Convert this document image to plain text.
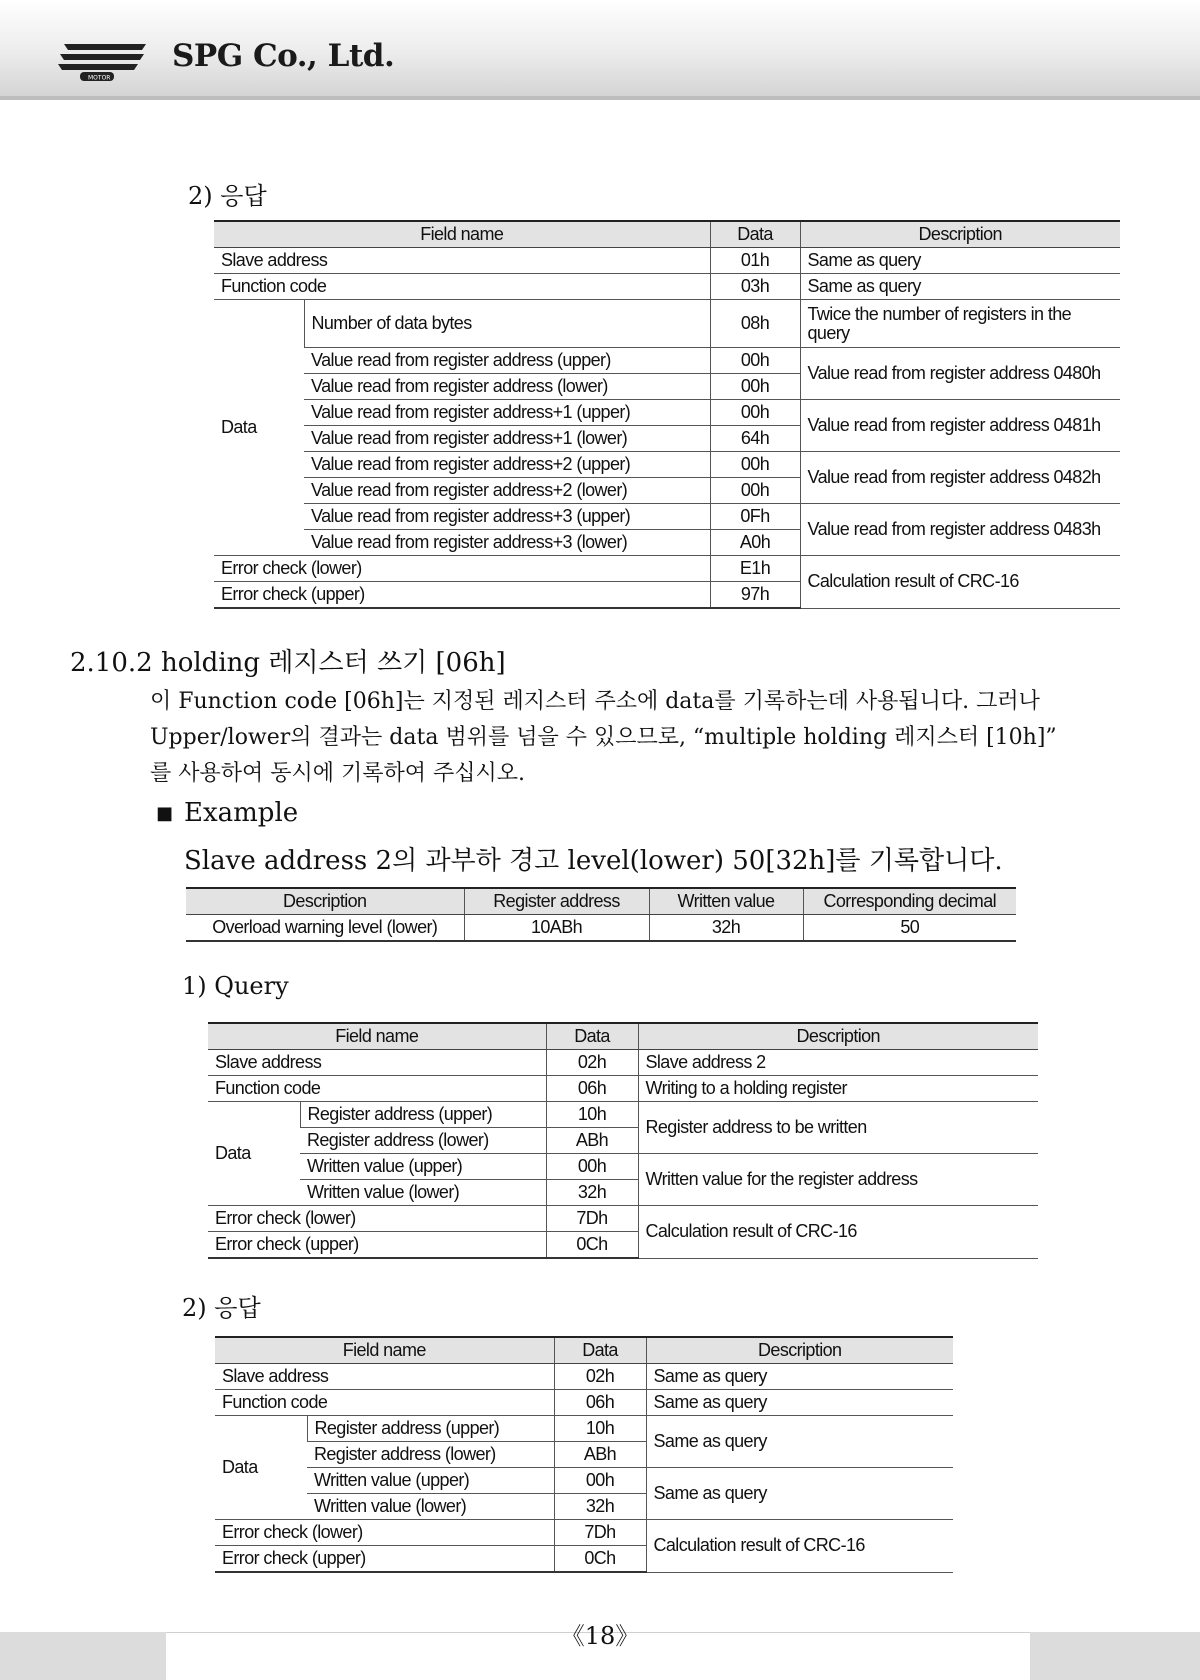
MOTOR
SPG Co., Ltd.
2) 응답
Field name		Data	Description
Slave address		01h	Same as query
Function code		03h	Same as query
Data	Number of data bytes	08h	Twice the number of registers in the query
	Value read from register address (upper)	00h	Value read from register address 0480h
	Value read from register address (lower)	00h	
	Value read from register address+1 (upper)	00h	Value read from register address 0481h
	Value read from register address+1 (lower)	64h	
	Value read from register address+2 (upper)	00h	Value read from register address 0482h
	Value read from register address+2 (lower)	00h	
	Value read from register address+3 (upper)	0Fh	Value read from register address 0483h
	Value read from register address+3 (lower)	A0h	
Error check (lower)		E1h	Calculation result of CRC-16
Error check (upper)		97h	
2.10.2 holding 레지스터 쓰기 [06h]
이 Function code [06h]는 지정된 레지스터 주소에 data를 기록하는데 사용됩니다. 그러나
Upper/lower의 결과는 data 범위를 넘을 수 있으므로, “multiple holding 레지스터 [10h]”
를 사용하여 동시에 기록하여 주십시오.
■ Example
Slave address 2의 과부하 경고 level(lower) 50[32h]를 기록합니다.
Description	Register address	Written value	Corresponding decimal
Overload warning level (lower)	10ABh	32h	50
1) Query
Field name		Data	Description
Slave address		02h	Slave address 2
Function code		06h	Writing to a holding register
Data	Register address (upper)	10h	Register address to be written
	Register address (lower)	ABh	
	Written value (upper)	00h	Written value for the register address
	Written value (lower)	32h	
Error check (lower)		7Dh	Calculation result of CRC-16
Error check (upper)		0Ch	
2) 응답
Field name		Data	Description
Slave address		02h	Same as query
Function code		06h	Same as query
Data	Register address (upper)	10h	Same as query
	Register address (lower)	ABh	
	Written value (upper)	00h	Same as query
	Written value (lower)	32h	
Error check (lower)		7Dh	Calculation result of CRC-16
Error check (upper)		0Ch	
《18》
